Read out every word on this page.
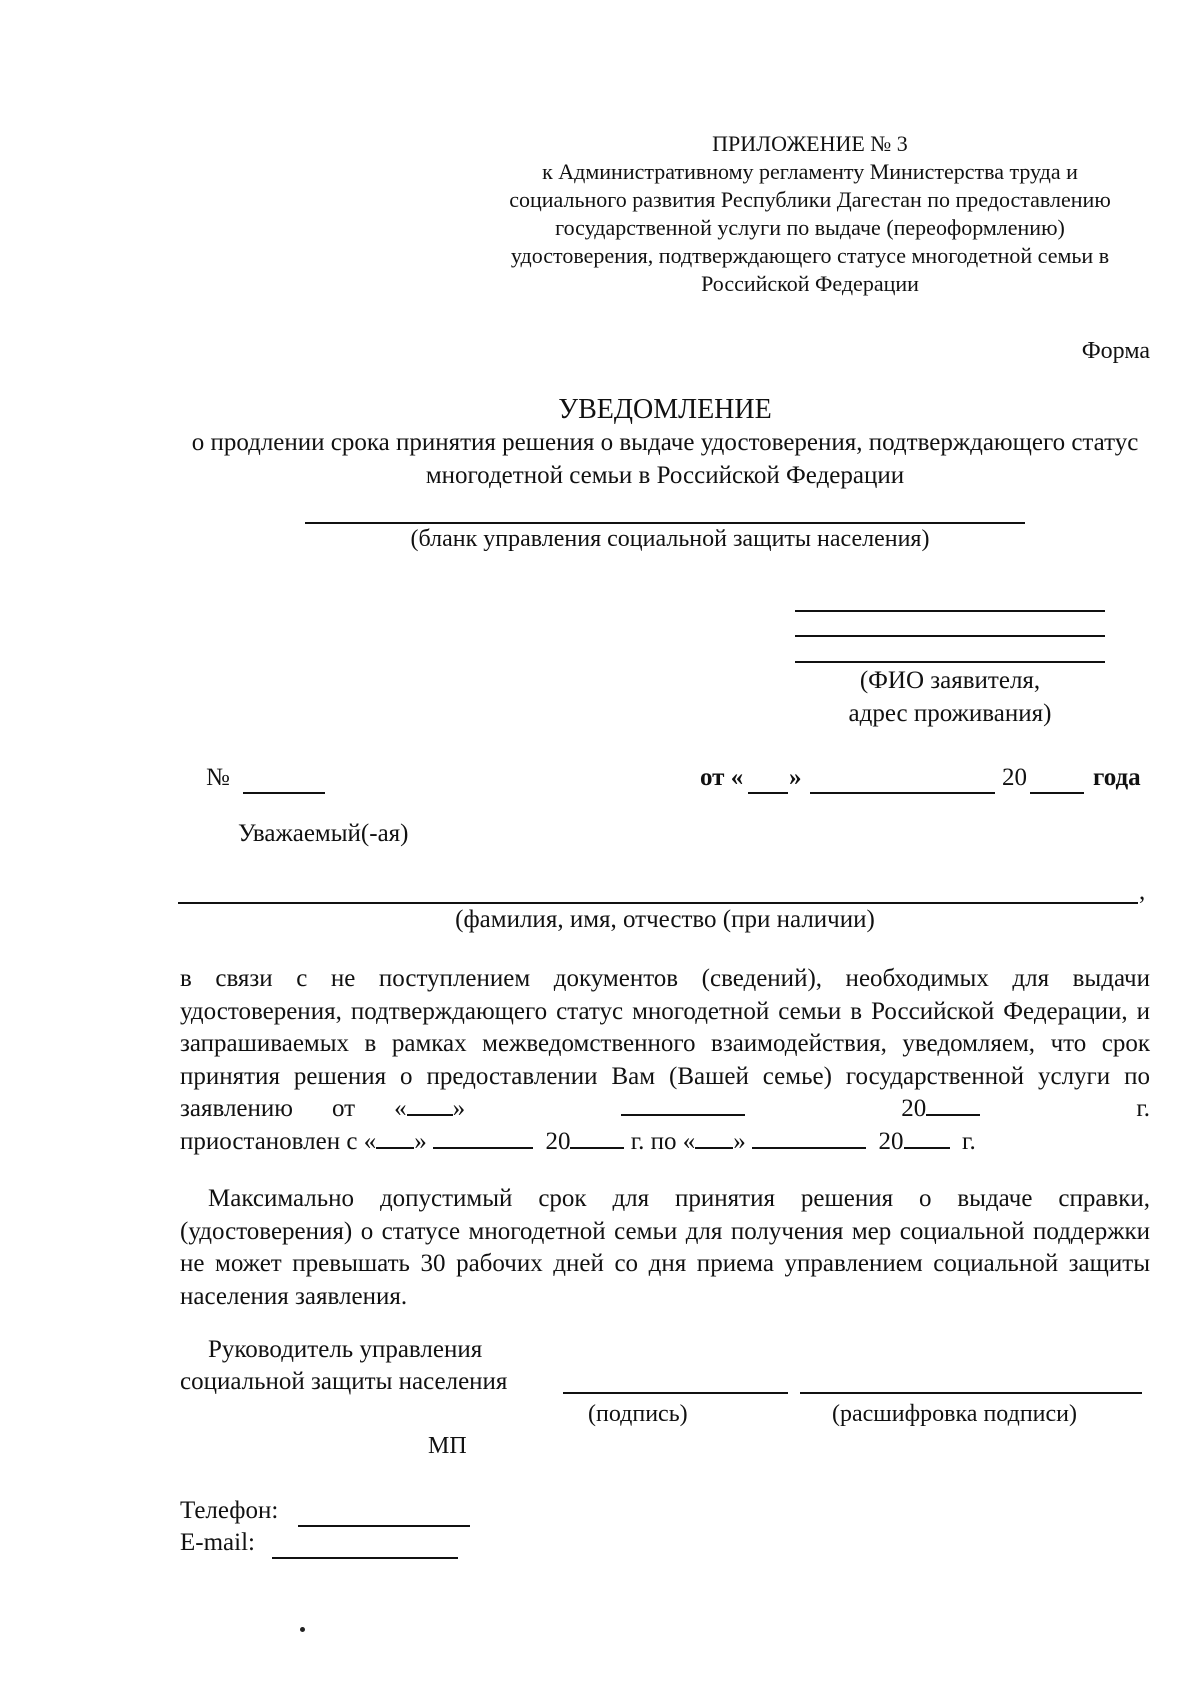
ПРИЛОЖЕНИЕ № 3
к Административному регламенту Министерства труда и
социального развития Республики Дагестан по предоставлению
государственной услуги по выдаче (переоформлению)
удостоверения, подтверждающего статусе многодетной семьи в
Российской Федерации
Форма
УВЕДОМЛЕНИЕ
о продлении срока принятия решения о выдаче удостоверения, подтверждающего статус многодетной семьи в Российской Федерации
(бланк управления социальной защиты населения)
(ФИО заявителя,
адрес проживания)
№	от « »	20	года
Уважаемый(-ая)
,
(фамилия, имя, отчество (при наличии)
в связи с не поступлением документов (сведений), необходимых для выдачи удостоверения, подтверждающего статус многодетной семьи в Российской Федерации, и запрашиваемых в рамках межведомственного взаимодействия, уведомляем, что срок принятия решения о предоставлении Вам (Вашей семье) государственной услуги по заявлению от « »	20	г.
приостановлен с « »	20 г. по « »	20 г.
Максимально допустимый срок для принятия решения о выдаче справки, (удостоверения) о статусе многодетной семьи для получения мер социальной поддержки не может превышать 30 рабочих дней со дня приема управлением социальной защиты населения заявления.
Руководитель управления
социальной защиты населения
(подпись)	(расшифровка подписи)
МП
Телефон:
E-mail:
